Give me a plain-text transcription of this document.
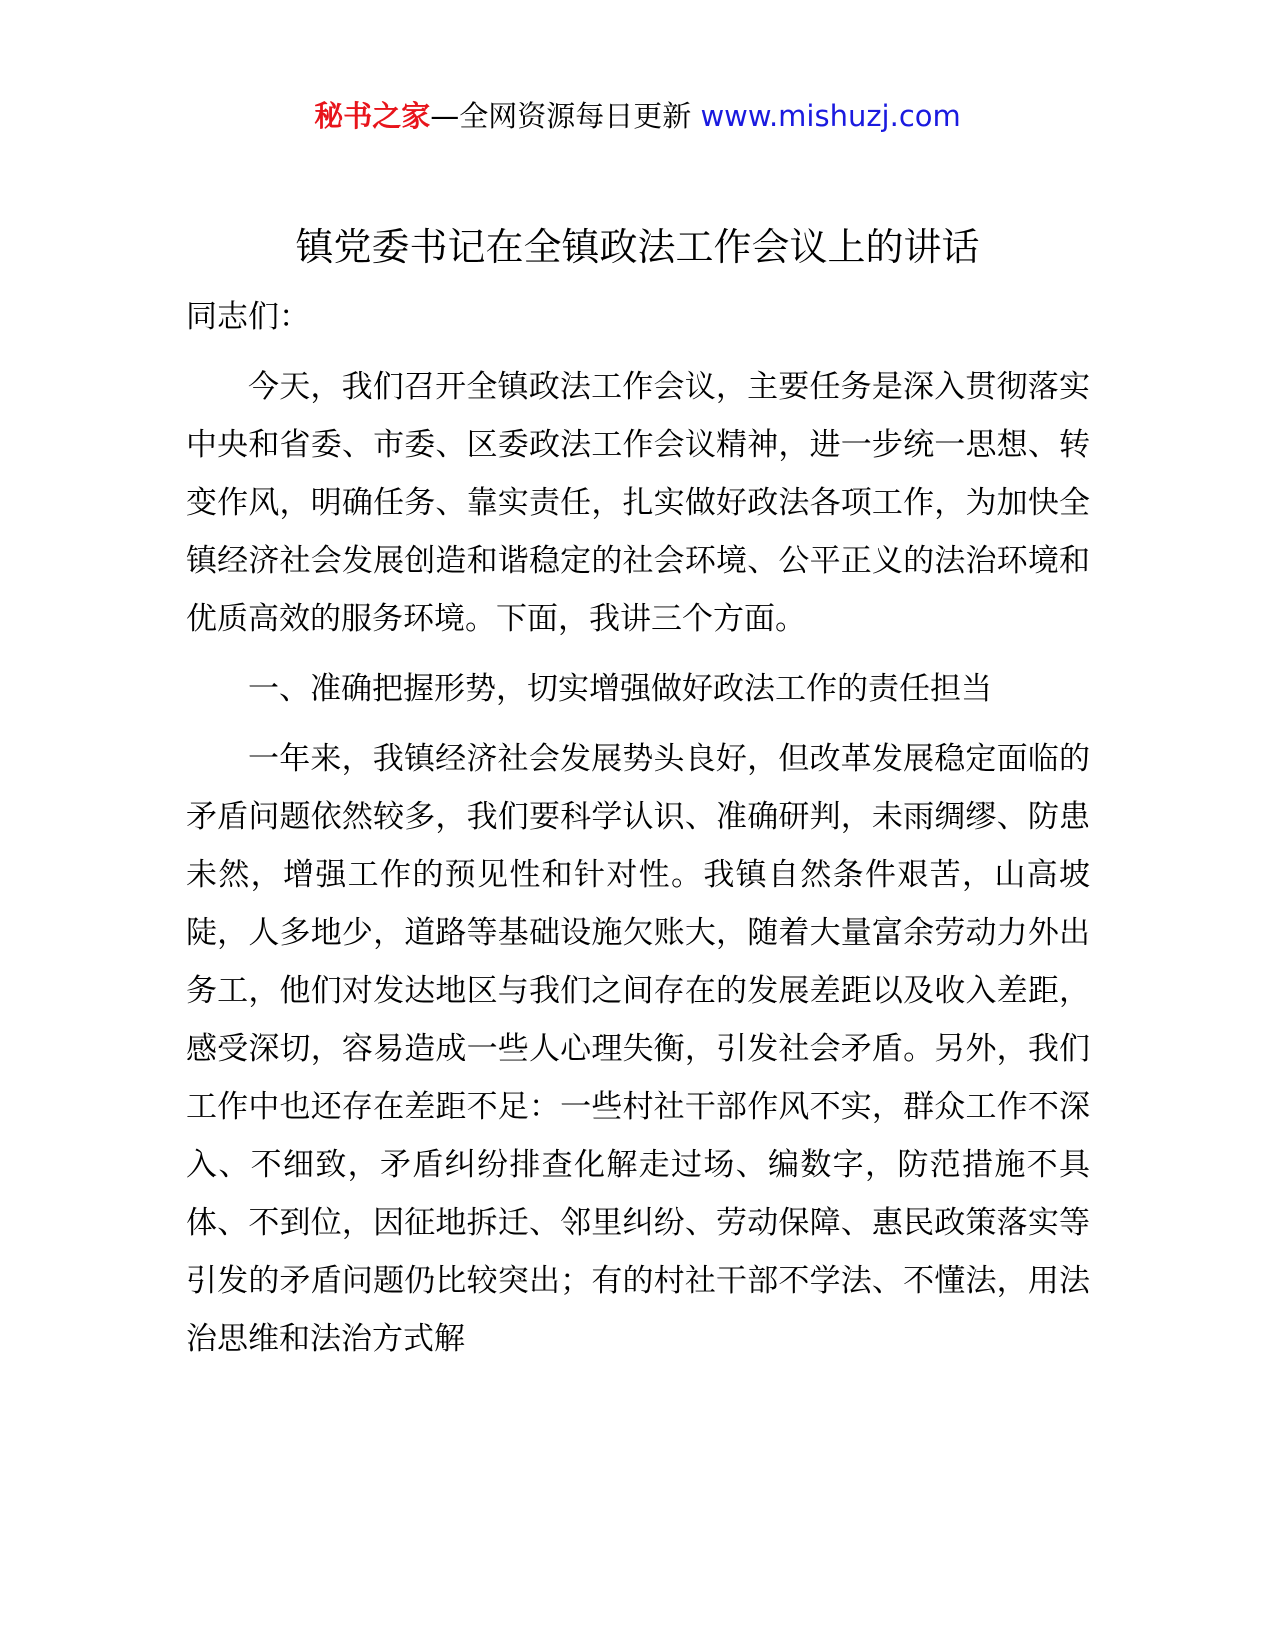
秘书之家—全网资源每日更新 www.mishuzj.com
镇党委书记在全镇政法工作会议上的讲话

同志们：

今天，我们召开全镇政法工作会议，主要任务是深入贯彻落实中央和省委、市委、区委政法工作会议精神，进一步统一思想、转变作风，明确任务、靠实责任，扎实做好政法各项工作，为加快全镇经济社会发展创造和谐稳定的社会环境、公平正义的法治环境和优质高效的服务环境。下面，我讲三个方面。

一、准确把握形势，切实增强做好政法工作的责任担当

一年来，我镇经济社会发展势头良好，但改革发展稳定面临的矛盾问题依然较多，我们要科学认识、准确研判，未雨绸缪、防患未然，增强工作的预见性和针对性。我镇自然条件艰苦，山高坡陡，人多地少，道路等基础设施欠账大，随着大量富余劳动力外出务工，他们对发达地区与我们之间存在的发展差距以及收入差距，感受深切，容易造成一些人心理失衡，引发社会矛盾。另外，我们工作中也还存在差距不足：一些村社干部作风不实，群众工作不深入、不细致，矛盾纠纷排查化解走过场、编数字，防范措施不具体、不到位，因征地拆迁、邻里纠纷、劳动保障、惠民政策落实等引发的矛盾问题仍比较突出；有的村社干部不学法、不懂法，用法治思维和法治方式解
